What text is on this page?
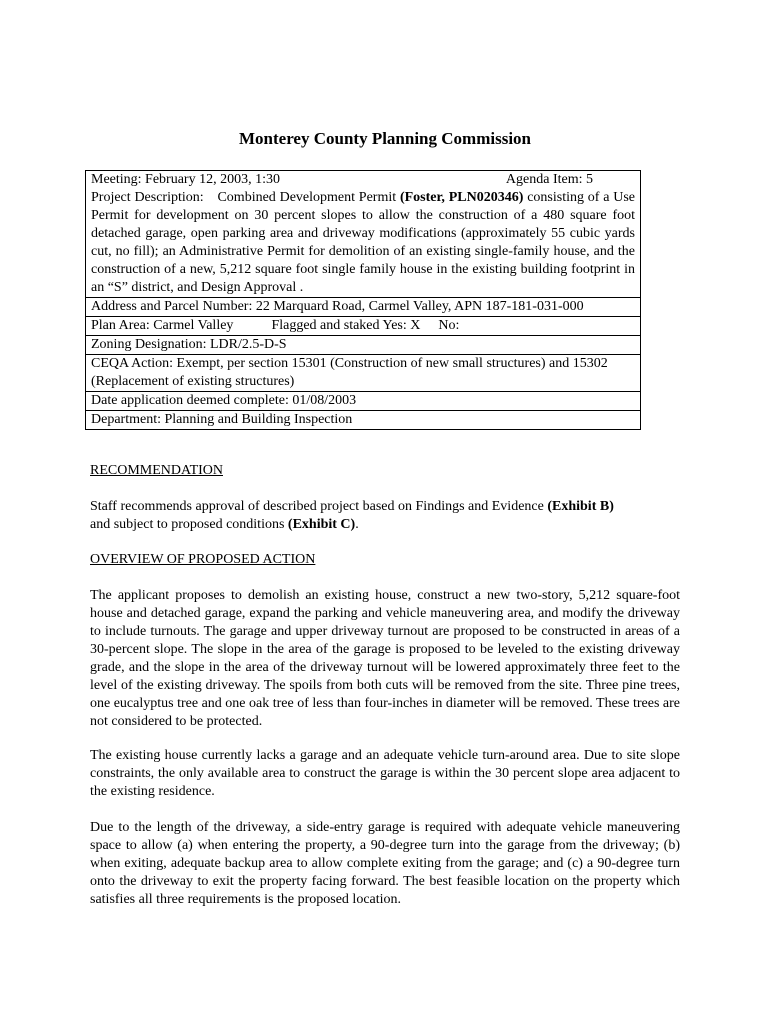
Monterey County Planning Commission
Meeting: February 12, 2003, 1:30	Agenda Item: 5
Project Description: Combined Development Permit (Foster, PLN020346) consisting of a Use Permit for development on 30 percent slopes to allow the construction of a 480 square foot detached garage, open parking area and driveway modifications (approximately 55 cubic yards cut, no fill); an Administrative Permit for demolition of an existing single-family house, and the construction of a new, 5,212 square foot single family house in the existing building footprint in an “S” district, and Design Approval .

Address and Parcel Number: 22 Marquard Road, Carmel Valley, APN 187-181-031-000
Plan Area: Carmel Valley	Flagged and staked Yes: X No:
Zoning Designation: LDR/2.5-D-S
CEQA Action: Exempt, per section 15301 (Construction of new small structures) and 15302 (Replacement of existing structures)
Date application deemed complete: 01/08/2003
Department: Planning and Building Inspection
RECOMMENDATION
Staff recommends approval of described project based on Findings and Evidence (Exhibit B)
and subject to proposed conditions (Exhibit C).
OVERVIEW OF PROPOSED ACTION
The applicant proposes to demolish an existing house, construct a new two-story, 5,212 square-foot house and detached garage, expand the parking and vehicle maneuvering area, and modify the driveway to include turnouts. The garage and upper driveway turnout are proposed to be constructed in areas of a 30-percent slope. The slope in the area of the garage is proposed to be leveled to the existing driveway grade, and the slope in the area of the driveway turnout will be lowered approximately three feet to the level of the existing driveway. The spoils from both cuts will be removed from the site. Three pine trees, one eucalyptus tree and one oak tree of less than four-inches in diameter will be removed. These trees are not considered to be protected.
The existing house currently lacks a garage and an adequate vehicle turn-around area. Due to site slope constraints, the only available area to construct the garage is within the 30 percent slope area adjacent to the existing residence.
Due to the length of the driveway, a side-entry garage is required with adequate vehicle maneuvering space to allow (a) when entering the property, a 90-degree turn into the garage from the driveway; (b) when exiting, adequate backup area to allow complete exiting from the garage; and (c) a 90-degree turn onto the driveway to exit the property facing forward. The best feasible location on the property which satisfies all three requirements is the proposed location.
